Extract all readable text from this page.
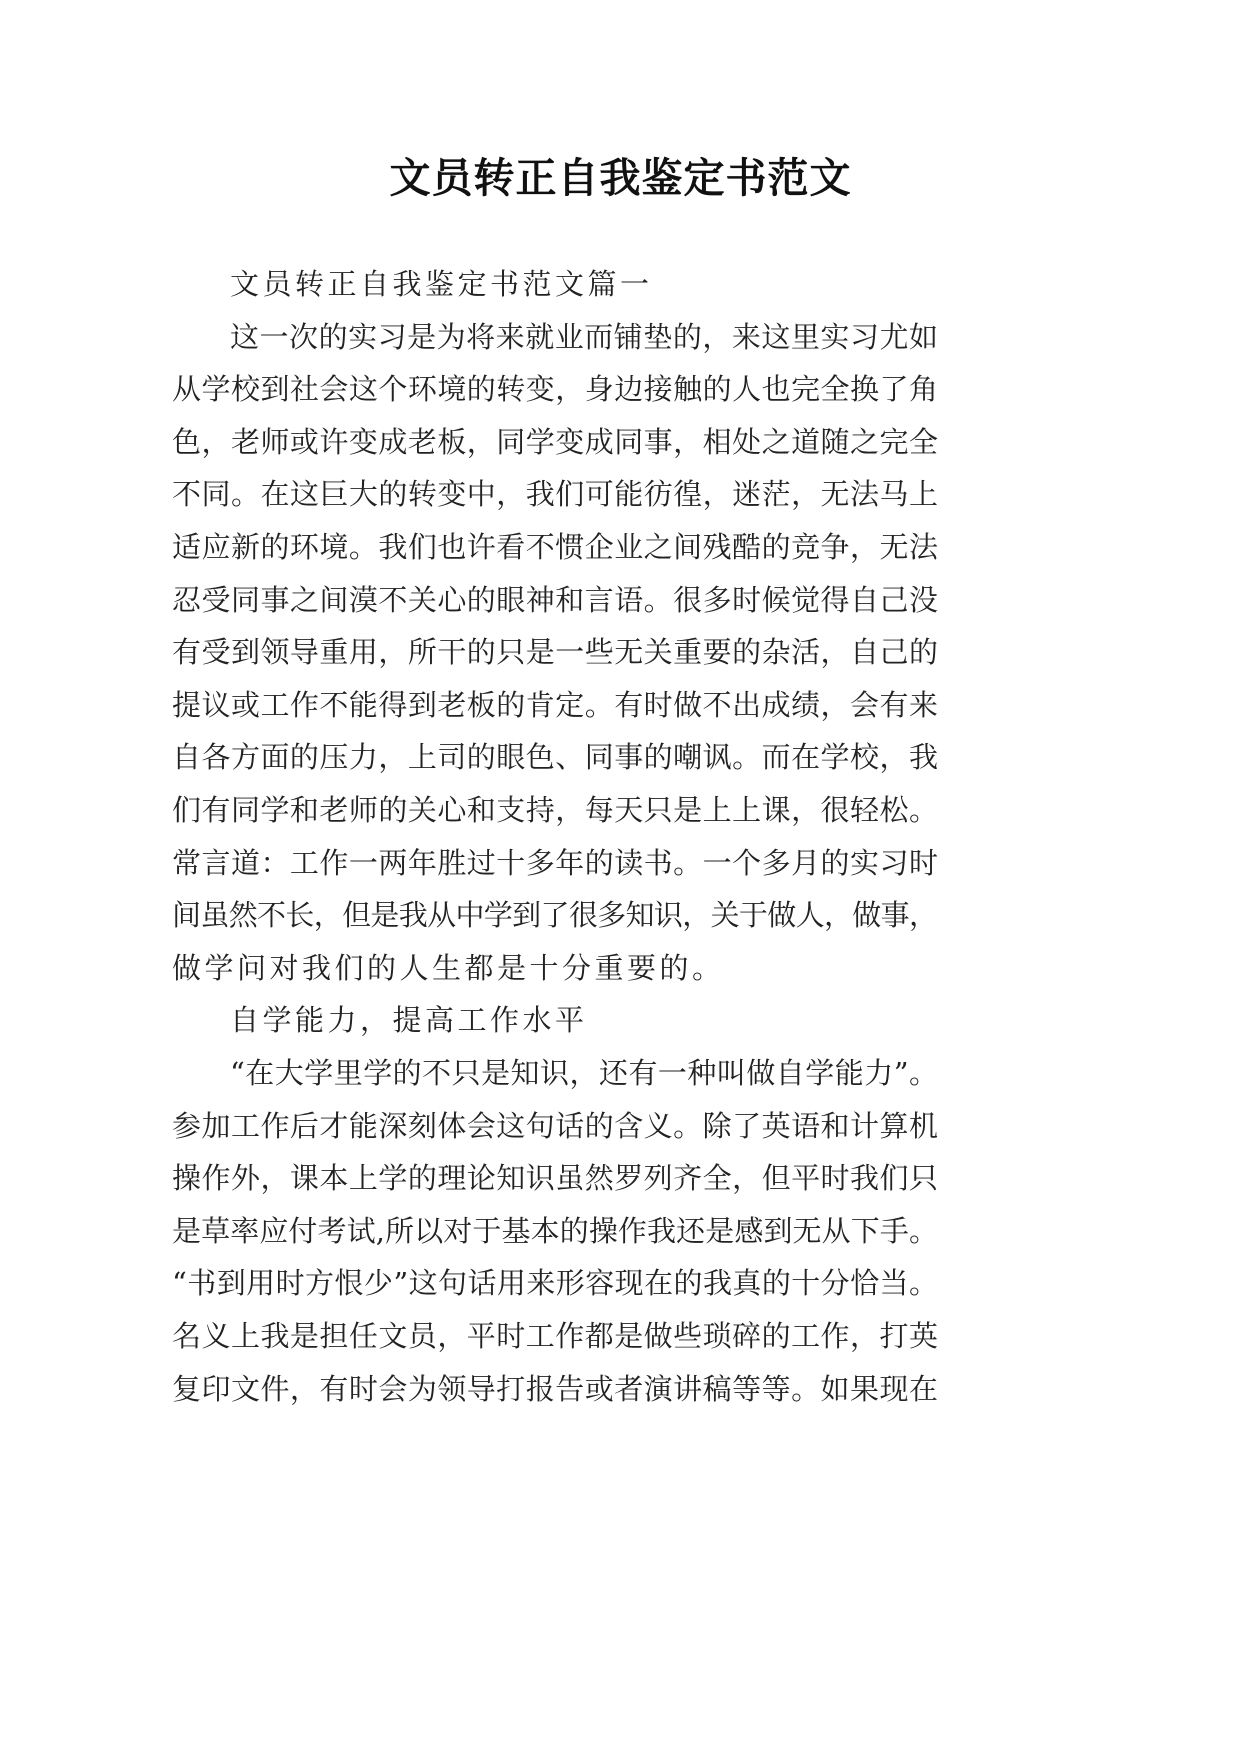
文员转正自我鉴定书范文

文员转正自我鉴定书范文篇一

这一次的实习是为将来就业而铺垫的，来这里实习尤如

从学校到社会这个环境的转变，身边接触的人也完全换了角

色，老师或许变成老板，同学变成同事，相处之道随之完全

不同。在这巨大的转变中，我们可能彷徨，迷茫，无法马上

适应新的环境。我们也许看不惯企业之间残酷的竞争，无法

忍受同事之间漠不关心的眼神和言语。很多时候觉得自己没

有受到领导重用，所干的只是一些无关重要的杂活，自己的

提议或工作不能得到老板的肯定。有时做不出成绩，会有来

自各方面的压力，上司的眼色、同事的嘲讽。而在学校，我

们有同学和老师的关心和支持，每天只是上上课，很轻松。

常言道：工作一两年胜过十多年的读书。一个多月的实习时

间虽然不长，但是我从中学到了很多知识，关于做人，做事，

做学问对我们的人生都是十分重要的。

自学能力，提高工作水平

“在大学里学的不只是知识，还有一种叫做自学能力”。

参加工作后才能深刻体会这句话的含义。除了英语和计算机

操作外，课本上学的理论知识虽然罗列齐全，但平时我们只

是草率应付考试,所以对于基本的操作我还是感到无从下手。

“书到用时方恨少”这句话用来形容现在的我真的十分恰当。

名义上我是担任文员，平时工作都是做些琐碎的工作，打英

复印文件，有时会为领导打报告或者演讲稿等等。如果现在
